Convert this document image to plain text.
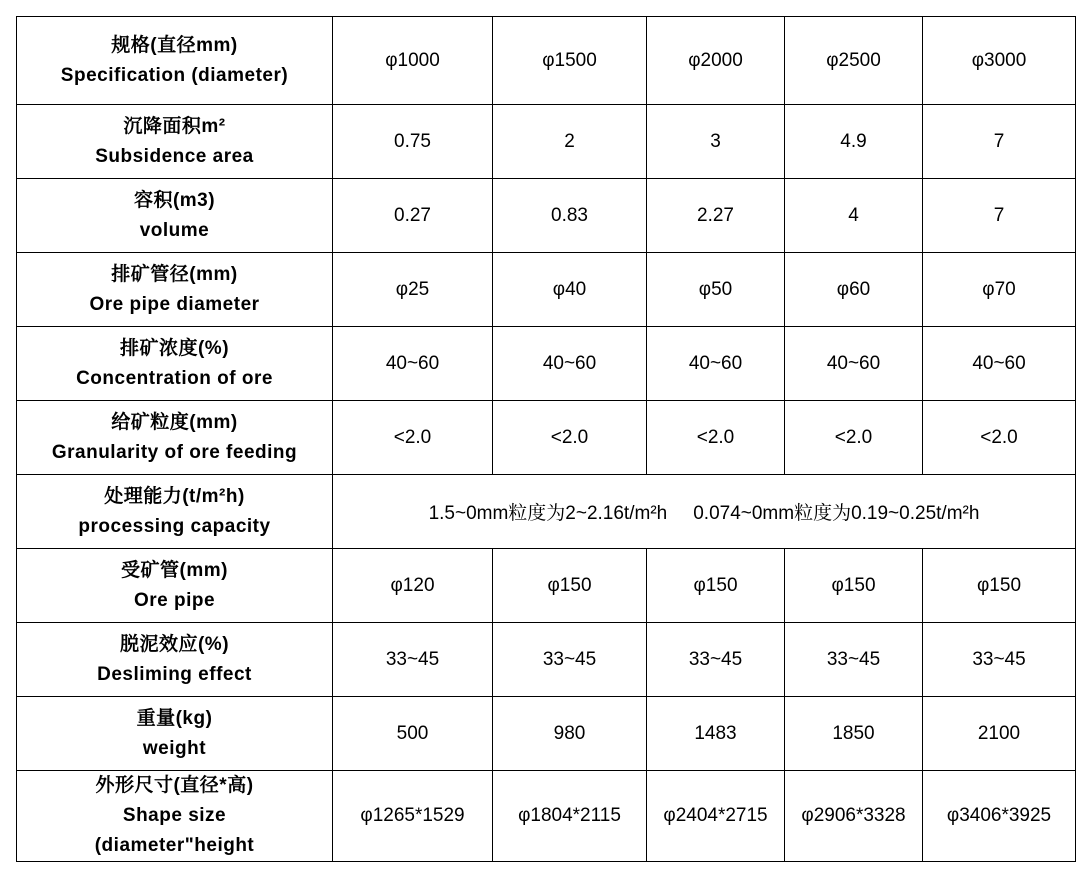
规格(直径mm)
Specification (diameter)	φ1000	φ1500	φ2000	φ2500	φ3000

沉降面积m²
Subsidence area	0.75	2	3	4.9	7

容积(m3)
volume	0.27	0.83	2.27	4	7

排矿管径(mm)
Ore pipe diameter	φ25	φ40	φ50	φ60	φ70

排矿浓度(%)
Concentration of ore	40~60	40~60	40~60	40~60	40~60

给矿粒度(mm)
Granularity of ore feeding	<2.0	<2.0	<2.0	<2.0	<2.0

处理能力(t/m²h)
processing capacity	1.5~0mm粒度为2~2.16t/m²h 0.074~0mm粒度为0.19~0.25t/m²h				

受矿管(mm)
Ore pipe	φ120	φ150	φ150	φ150	φ150

脱泥效应(%)
Desliming effect	33~45	33~45	33~45	33~45	33~45

重量(kg)
weight	500	980	1483	1850	2100

外形尺寸(直径*高)
Shape size
(diameter"height	φ1265*1529	φ1804*2115	φ2404*2715	φ2906*3328	φ3406*3925
